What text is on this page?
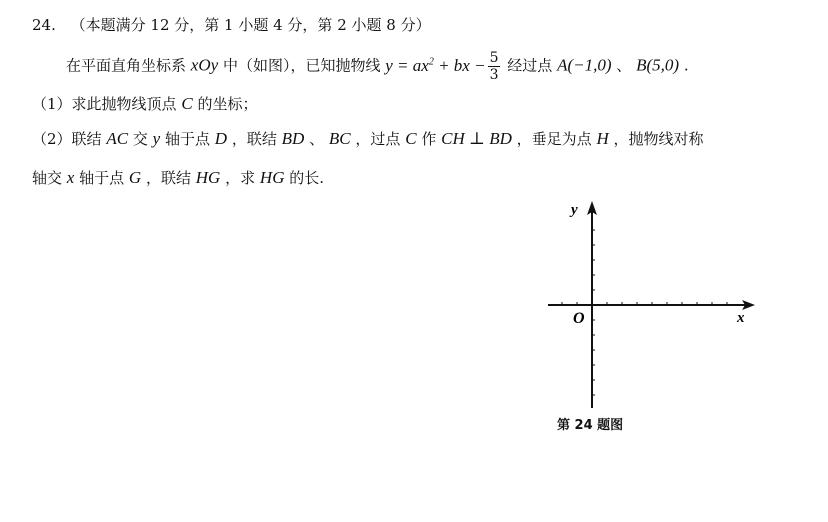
24. （本题满分 12 分，第 1 小题 4 分，第 2 小题 8 分）
在平面直角坐标系 xOy 中（如图），已知抛物线 $y = ax^2$ + bx − $\frac{5}{3}$ 经过点 A(−1,0) 、 B(5,0) .
（1）求此抛物线顶点 C 的坐标；
（2）联结 AC 交 y 轴于点 D ，联结 BD 、 BC ，过点 C 作 CH ⊥ BD ，垂足为点 H ，抛物线对称
轴交 x 轴于点 G ，联结 HG ，求 HG 的长.
y
x
O
第 24 题图
